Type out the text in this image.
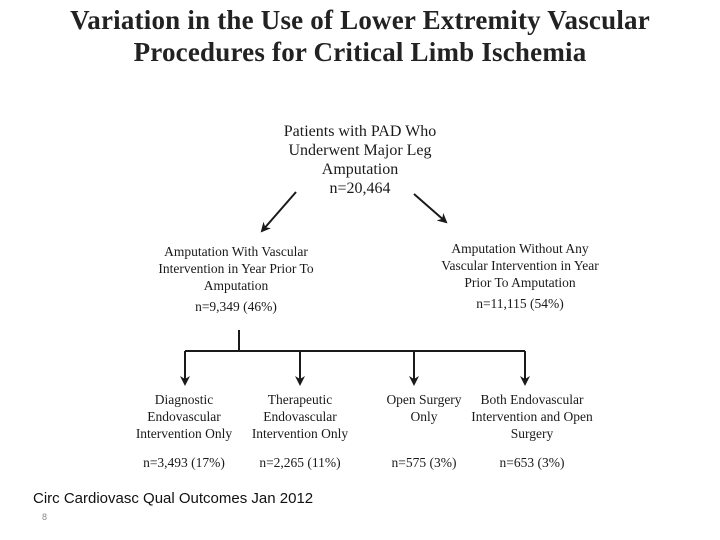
Variation in the Use of Lower Extremity Vascular
Procedures for Critical Limb Ischemia
Patients with PAD Who
Underwent Major Leg
Amputation
n=20,464
Amputation With Vascular
Intervention in Year Prior To
Amputation
n=9,349 (46%)
Amputation Without Any
Vascular Intervention in Year
Prior To Amputation
n=11,115 (54%)
Diagnostic
Endovascular
Intervention Only
n=3,493 (17%)
Therapeutic
Endovascular
Intervention Only
n=2,265 (11%)
Open Surgery
Only

n=575 (3%)
Both Endovascular
Intervention and Open
Surgery
n=653 (3%)
Circ Cardiovasc Qual Outcomes Jan 2012
8
